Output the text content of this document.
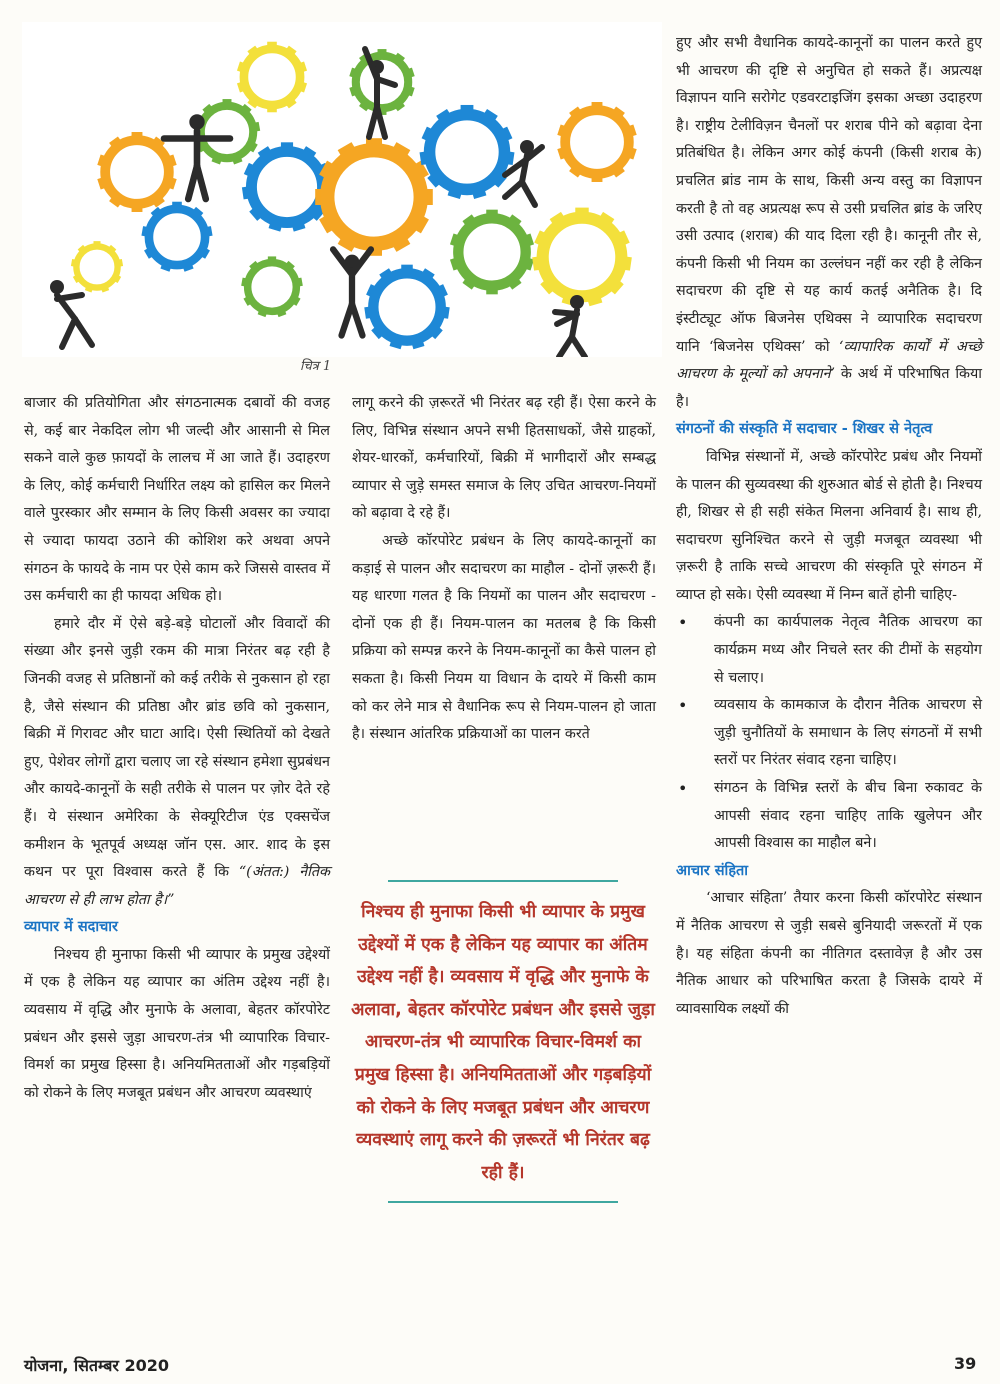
चित्र 1

बाजार की प्रतियोगिता और संगठनात्मक दबावों की वजह से, कई बार नेकदिल लोग भी जल्दी और आसानी से मिल सकने वाले कुछ फ़ायदों के लालच में आ जाते हैं। उदाहरण के लिए, कोई कर्मचारी निर्धारित लक्ष्य को हासिल कर मिलने वाले पुरस्कार और सम्मान के लिए किसी अवसर का ज्यादा से ज्यादा फायदा उठाने की कोशिश करे अथवा अपने संगठन के फायदे के नाम पर ऐसे काम करे जिससे वास्तव में उस कर्मचारी का ही फायदा अधिक हो।

हमारे दौर में ऐसे बड़े-बड़े घोटालों और विवादों की संख्या और इनसे जुड़ी रकम की मात्रा निरंतर बढ़ रही है जिनकी वजह से प्रतिष्ठानों को कई तरीके से नुकसान हो रहा है, जैसे संस्थान की प्रतिष्ठा और ब्रांड छवि को नुकसान, बिक्री में गिरावट और घाटा आदि। ऐसी स्थितियों को देखते हुए, पेशेवर लोगों द्वारा चलाए जा रहे संस्थान हमेशा सुप्रबंधन और कायदे-कानूनों के सही तरीके से पालन पर ज़ोर देते रहे हैं। ये संस्थान अमेरिका के सेक्यूरिटीज एंड एक्सचेंज कमीशन के भूतपूर्व अध्यक्ष जॉन एस. आर. शाद के इस कथन पर पूरा विश्वास करते हैं कि “(अंतत:) नैतिक आचरण से ही लाभ होता है।”

व्यापार में सदाचार

निश्चय ही मुनाफा किसी भी व्यापार के प्रमुख उद्देश्यों में एक है लेकिन यह व्यापार का अंतिम उद्देश्य नहीं है। व्यवसाय में वृद्धि और मुनाफे के अलावा, बेहतर कॉरपोरेट प्रबंधन और इससे जुड़ा आचरण-तंत्र भी व्यापारिक विचार-विमर्श का प्रमुख हिस्सा है। अनियमितताओं और गड़बड़ियों को रोकने के लिए मजबूत प्रबंधन और आचरण व्यवस्थाएं

लागू करने की ज़रूरतें भी निरंतर बढ़ रही हैं। ऐसा करने के लिए, विभिन्न संस्थान अपने सभी हितसाधकों, जैसे ग्राहकों, शेयर-धारकों, कर्मचारियों, बिक्री में भागीदारों और सम्बद्ध व्यापार से जुड़े समस्त समाज के लिए उचित आचरण-नियमों को बढ़ावा दे रहे हैं।

अच्छे कॉरपोरेट प्रबंधन के लिए कायदे-कानूनों का कड़ाई से पालन और सदाचरण का माहौल - दोनों ज़रूरी हैं। यह धारणा गलत है कि नियमों का पालन और सदाचरण - दोनों एक ही हैं। नियम-पालन का मतलब है कि किसी प्रक्रिया को सम्पन्न करने के नियम-कानूनों का कैसे पालन हो सकता है। किसी नियम या विधान के दायरे में किसी काम को कर लेने मात्र से वैधानिक रूप से नियम-पालन हो जाता है। संस्थान आंतरिक प्रक्रियाओं का पालन करते

निश्चय ही मुनाफा किसी भी व्यापार के प्रमुख उद्देश्यों में एक है लेकिन यह व्यापार का अंतिम उद्देश्य नहीं है। व्यवसाय में वृद्धि और मुनाफे के अलावा, बेहतर कॉरपोरेट प्रबंधन और इससे जुड़ा आचरण-तंत्र भी व्यापारिक विचार-विमर्श का प्रमुख हिस्सा है। अनियमितताओं और गड़बड़ियों को रोकने के लिए मजबूत प्रबंधन और आचरण व्यवस्थाएं लागू करने की ज़रूरतें भी निरंतर बढ़ रही हैं।

हुए और सभी वैधानिक कायदे-कानूनों का पालन करते हुए भी आचरण की दृष्टि से अनुचित हो सकते हैं। अप्रत्यक्ष विज्ञापन यानि सरोगेट एडवरटाइजिंग इसका अच्छा उदाहरण है। राष्ट्रीय टेलीविज़न चैनलों पर शराब पीने को बढ़ावा देना प्रतिबंधित है। लेकिन अगर कोई कंपनी (किसी शराब के) प्रचलित ब्रांड नाम के साथ, किसी अन्य वस्तु का विज्ञापन करती है तो वह अप्रत्यक्ष रूप से उसी प्रचलित ब्रांड के जरिए उसी उत्पाद (शराब) की याद दिला रही है। कानूनी तौर से, कंपनी किसी भी नियम का उल्लंघन नहीं कर रही है लेकिन सदाचरण की दृष्टि से यह कार्य कतई अनैतिक है। दि इंस्टीट्यूट ऑफ बिजनेस एथिक्स ने व्यापारिक सदाचरण यानि ‘बिजनेस एथिक्स’ को ‘व्यापारिक कार्यों में अच्छे आचरण के मूल्यों को अपनाने’ के अर्थ में परिभाषित किया है।

संगठनों की संस्कृति में सदाचार - शिखर से नेतृत्व

विभिन्न संस्थानों में, अच्छे कॉरपोरेट प्रबंध और नियमों के पालन की सुव्यवस्था की शुरुआत बोर्ड से होती है। निश्चय ही, शिखर से ही सही संकेत मिलना अनिवार्य है। साथ ही, सदाचरण सुनिश्चित करने से जुड़ी मजबूत व्यवस्था भी ज़रूरी है ताकि सच्चे आचरण की संस्कृति पूरे संगठन में व्याप्त हो सके। ऐसी व्यवस्था में निम्न बातें होनी चाहिए-

• कंपनी का कार्यपालक नेतृत्व नैतिक आचरण का कार्यक्रम मध्य और निचले स्तर की टीमों के सहयोग से चलाए।
• व्यवसाय के कामकाज के दौरान नैतिक आचरण से जुड़ी चुनौतियों के समाधान के लिए संगठनों में सभी स्तरों पर निरंतर संवाद रहना चाहिए।
• संगठन के विभिन्न स्तरों के बीच बिना रुकावट के आपसी संवाद रहना चाहिए ताकि खुलेपन और आपसी विश्वास का माहौल बने।
आचार संहिता

‘आचार संहिता’ तैयार करना किसी कॉरपोरेट संस्थान में नैतिक आचरण से जुड़ी सबसे बुनियादी जरूरतों में एक है। यह संहिता कंपनी का नीतिगत दस्तावेज़ है और उस नैतिक आधार को परिभाषित करता है जिसके दायरे में व्यावसायिक लक्ष्यों की

योजना, सितम्बर 2020	39
